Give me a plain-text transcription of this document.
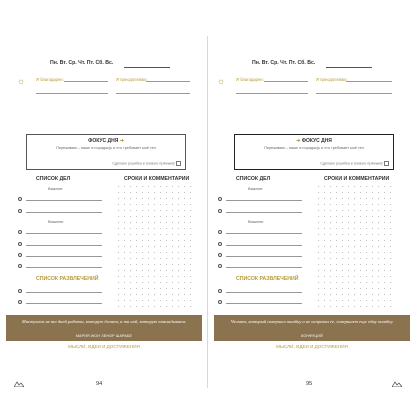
Пн. Вт. Ср. Чт. Пт. Сб. Вс.
☼	Я благодарен:	Я преодолеваю:
ФОКУС ДНЯ ➜
Переживаю – наше в порядок(ь и что требовает моё тел
Сделано (ошибка в тревоге прямым)!
СПИСОК ДЕЛ	СРОКИ И КОММЕНТАРИИ
Важное:
Вишнев:
СПИСОК РАЗВЛЕЧЕНИЙ
Мистулаем не та дней работы, которую делаем, а та ной, которую откладываем.
МАРИЯ ЖОН ЗЕНОР ШАРАБЕ
МЫСЛИ, ИДЕИ И ДОСТИЖЕНИЯ
94
Пн. Вт. Ср. Чт. Пт. Сб. Вс.
☼	Я благодарен:	Я преодолеваю:
➜ ФОКУС ДНЯ
Переживаю – наше в порядок(ь и что требовает моё тел
Сделано (ошибка в тревоге прямым)!
СПИСОК ДЕЛ	СРОКИ И КОММЕНТАРИИ
Важное:
Вишнев:
СПИСОК РАЗВЛЕЧЕНИЙ
Человек, который совершил ошибку и не исправил ее, совершает еще одну ошибку.
КОНФУЦИЙ
МЫСЛИ, ИДЕИ И ДОСТИЖЕНИЯ
95
